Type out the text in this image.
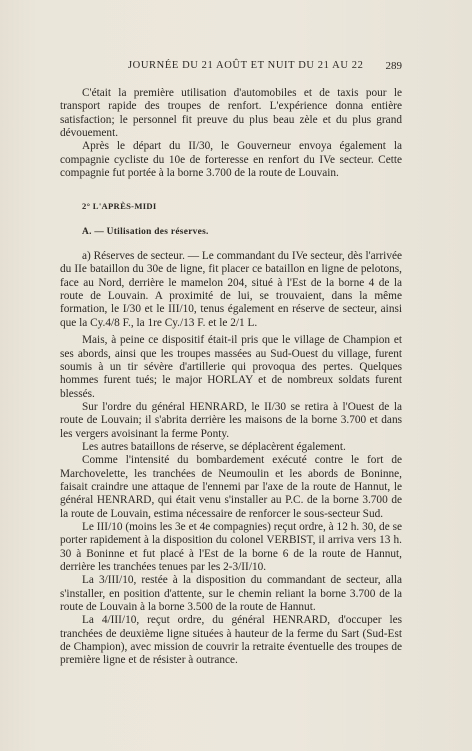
JOURNÉE DU 21 AOÛT ET NUIT DU 21 AU 22	289

C'était la première utilisation d'automobiles et de taxis pour le transport rapide des troupes de renfort. L'expérience donna entière satisfaction; le personnel fit preuve du plus beau zèle et du plus grand dévouement.

Après le départ du II/30, le Gouverneur envoya également la compagnie cycliste du 10e de forteresse en renfort du IVe secteur. Cette compagnie fut portée à la borne 3.700 de la route de Louvain.

2° L'APRÈS-MIDI
A. — Utilisation des réserves.

a) Réserves de secteur. — Le commandant du IVe secteur, dès l'arrivée du IIe bataillon du 30e de ligne, fit placer ce bataillon en ligne de pelotons, face au Nord, derrière le mamelon 204, situé à l'Est de la borne 4 de la route de Louvain. A proximité de lui, se trouvaient, dans la même formation, le I/30 et le III/10, tenus également en réserve de secteur, ainsi que la Cy.4/8 F., la 1re Cy./13 F. et le 2/1 L.

Mais, à peine ce dispositif était-il pris que le village de Champion et ses abords, ainsi que les troupes massées au Sud-Ouest du village, furent soumis à un tir sévère d'artillerie qui provoqua des pertes. Quelques hommes furent tués; le major HORLAY et de nombreux soldats furent blessés.

Sur l'ordre du général HENRARD, le II/30 se retira à l'Ouest de la route de Louvain; il s'abrita derrière les maisons de la borne 3.700 et dans les vergers avoisinant la ferme Ponty.

Les autres bataillons de réserve, se déplacèrent également.

Comme l'intensité du bombardement exécuté contre le fort de Marchovelette, les tranchées de Neumoulin et les abords de Boninne, faisait craindre une attaque de l'ennemi par l'axe de la route de Hannut, le général HENRARD, qui était venu s'installer au P.C. de la borne 3.700 de la route de Louvain, estima nécessaire de renforcer le sous-secteur Sud.

Le III/10 (moins les 3e et 4e compagnies) reçut ordre, à 12 h. 30, de se porter rapidement à la disposition du colonel VERBIST, il arriva vers 13 h. 30 à Boninne et fut placé à l'Est de la borne 6 de la route de Hannut, derrière les tranchées tenues par les 2-3/II/10.

La 3/III/10, restée à la disposition du commandant de secteur, alla s'installer, en position d'attente, sur le chemin reliant la borne 3.700 de la route de Louvain à la borne 3.500 de la route de Hannut.

La 4/III/10, reçut ordre, du général HENRARD, d'occuper les tranchées de deuxième ligne situées à hauteur de la ferme du Sart (Sud-Est de Champion), avec mission de couvrir la retraite éventuelle des troupes de première ligne et de résister à outrance.
